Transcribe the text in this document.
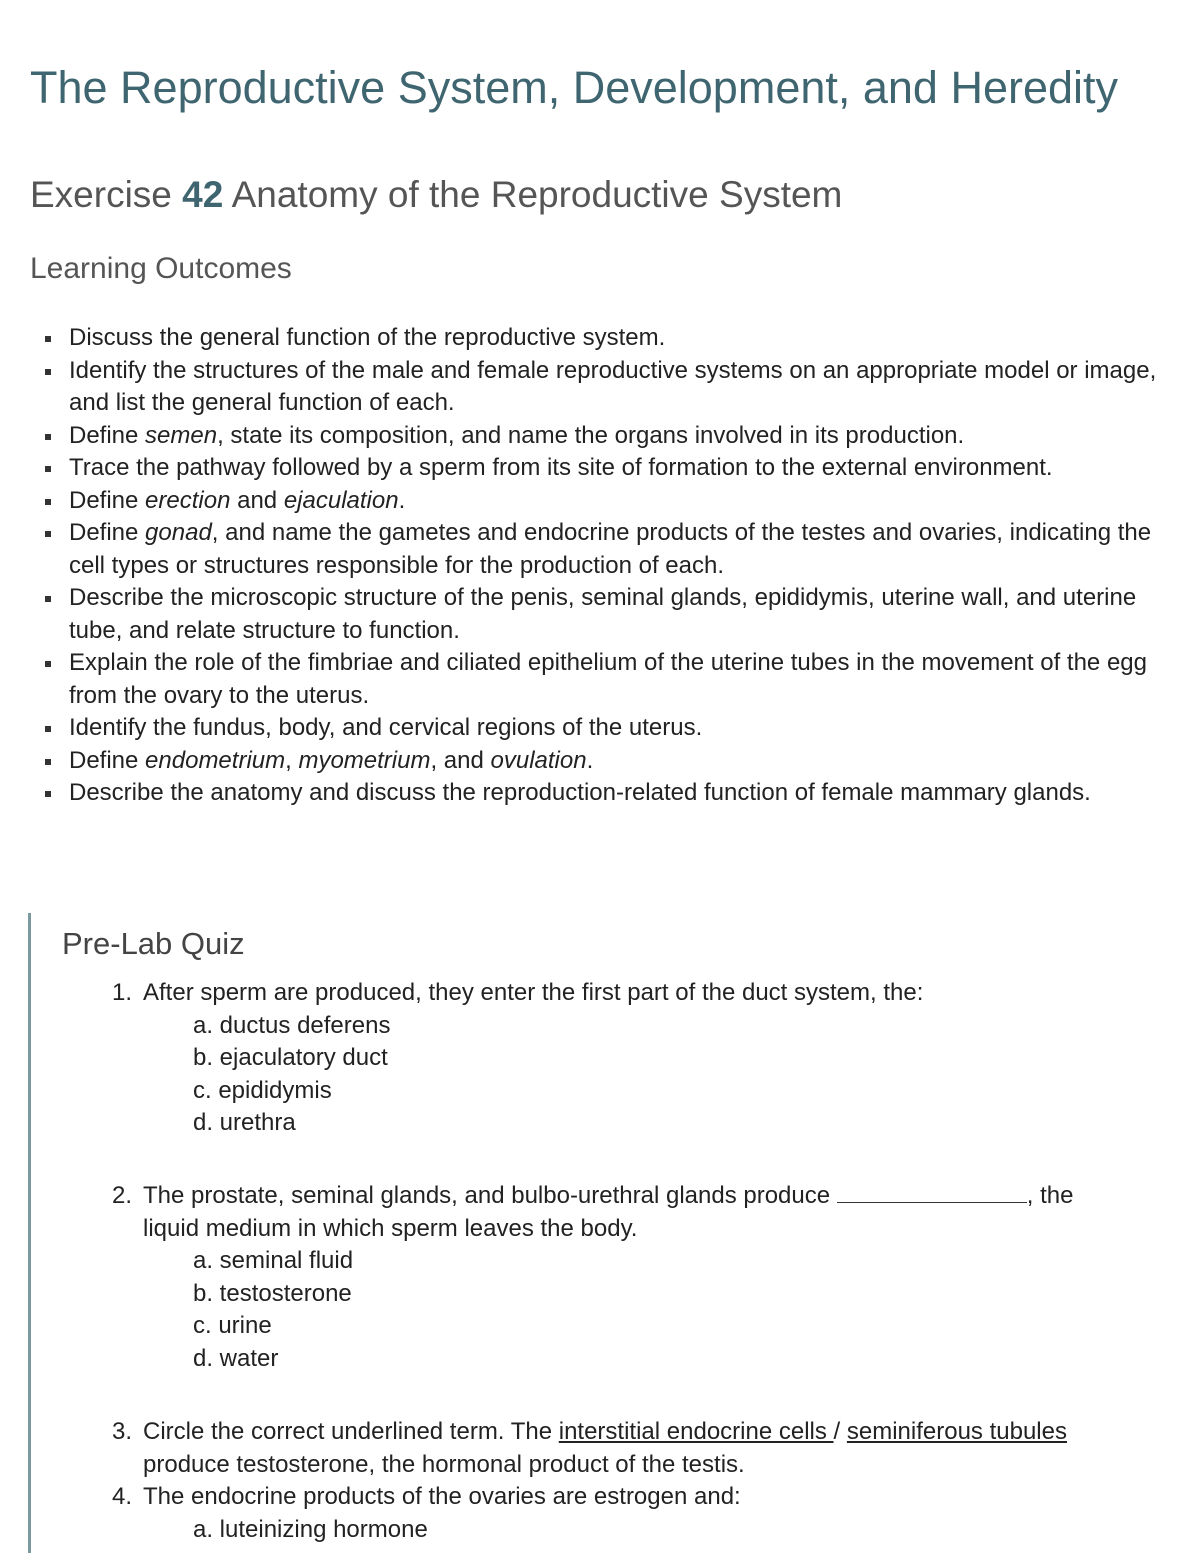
The Reproductive System, Development, and Heredity
Exercise 42 Anatomy of the Reproductive System
Learning Outcomes
Discuss the general function of the reproductive system.
Identify the structures of the male and female reproductive systems on an appropriate model or image, and list the general function of each.
Define semen, state its composition, and name the organs involved in its production.
Trace the pathway followed by a sperm from its site of formation to the external environment.
Define erection and ejaculation.
Define gonad, and name the gametes and endocrine products of the testes and ovaries, indicating the cell types or structures responsible for the production of each.
Describe the microscopic structure of the penis, seminal glands, epididymis, uterine wall, and uterine tube, and relate structure to function.
Explain the role of the fimbriae and ciliated epithelium of the uterine tubes in the movement of the egg from the ovary to the uterus.
Identify the fundus, body, and cervical regions of the uterus.
Define endometrium, myometrium, and ovulation.
Describe the anatomy and discuss the reproduction-related function of female mammary glands.
Pre-Lab Quiz
1. After sperm are produced, they enter the first part of the duct system, the:
a. ductus deferens
b. ejaculatory duct
c. epididymis
d. urethra
2. The prostate, seminal glands, and bulbo-urethral glands produce	, the liquid medium in which sperm leaves the body.
a. seminal fluid
b. testosterone
c. urine
d. water
3. Circle the correct underlined term. The interstitial endocrine cells / seminiferous tubules produce testosterone, the hormonal product of the testis.
4. The endocrine products of the ovaries are estrogen and:
a. luteinizing hormone
